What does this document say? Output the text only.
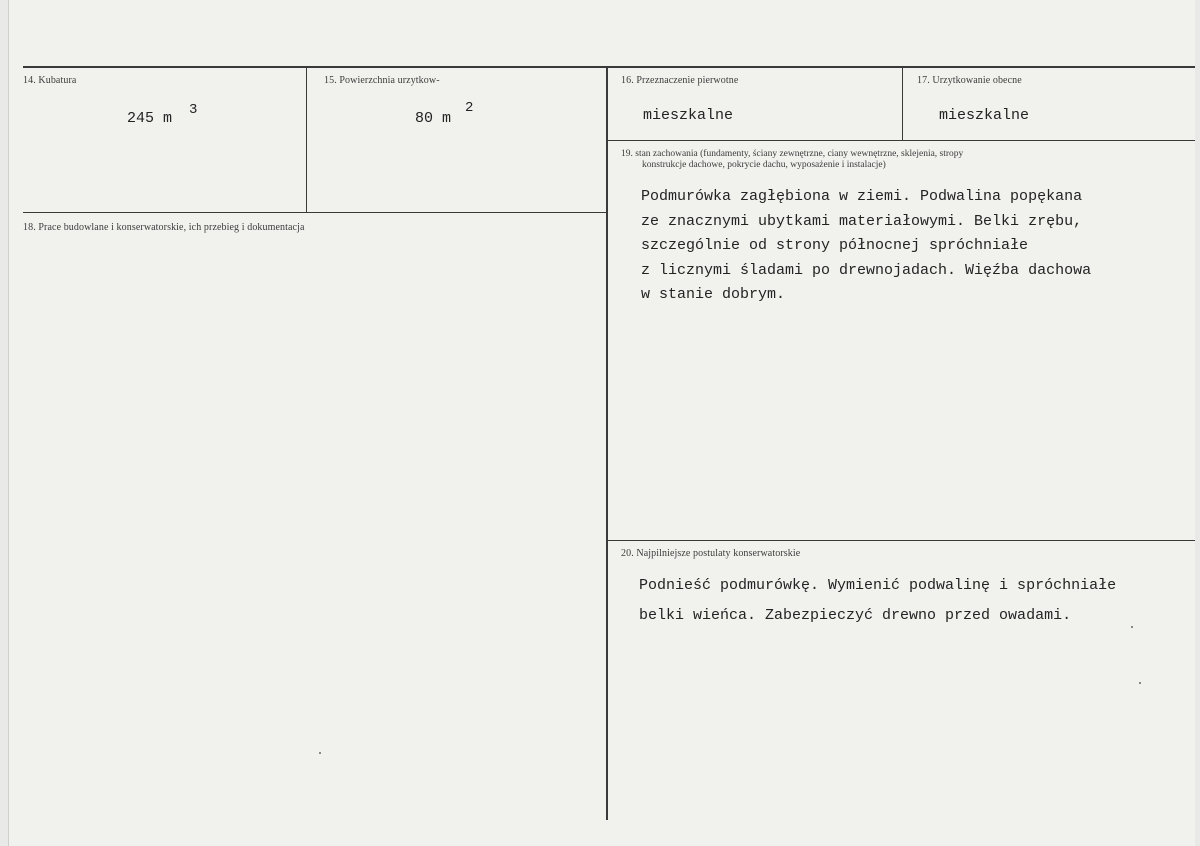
14. Kubatura
245 m 3
15. Powierzchnia urzytkow-
80 m
2
16. Przeznaczenie pierwotne
mieszkalne
17. Urzytkowanie obecne
mieszkalne
18. Prace budowlane i konserwatorskie, ich przebieg i dokumentacja
19. stan zachowania (fundamenty, ściany zewnętrzne, ciany wewnętrzne, sklejenia, stropy
konstrukcje dachowe, pokrycie dachu, wyposażenie i instalacje)
Podmurówka zagłębiona w ziemi. Podwalina popękana
ze znacznymi ubytkami materiałowymi. Belki zrębu,
szczególnie od strony północnej spróchniałe
z licznymi śladami po drewnojadach. Więźba dachowa
w stanie dobrym.
20. Najpilniejsze postulaty konserwatorskie
Podnieść podmurówkę. Wymienić podwalinę i spróchniałe
belki wieńca. Zabezpieczyć drewno przed owadami.
